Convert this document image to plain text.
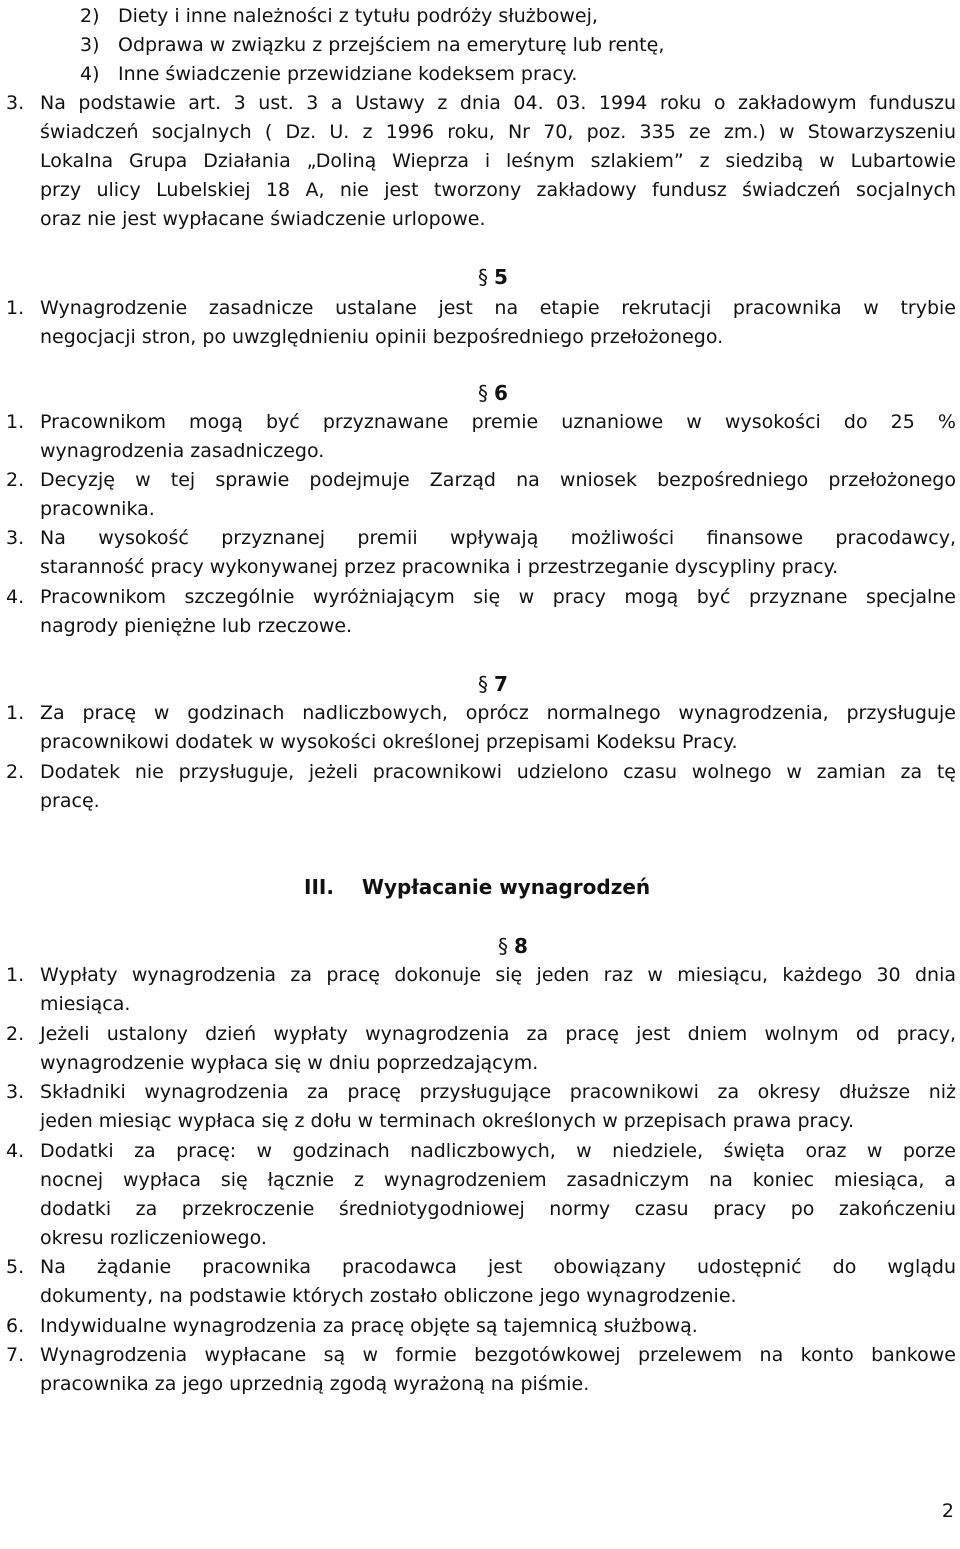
2) Diety i inne należności z tytułu podróży służbowej,
3) Odprawa w związku z przejściem na emeryturę lub rentę,
4) Inne świadczenie przewidziane kodeksem pracy.
3. Na podstawie art. 3 ust. 3 a Ustawy z dnia 04. 03. 1994 roku o zakładowym funduszu
świadczeń socjalnych ( Dz. U. z 1996 roku, Nr 70, poz. 335 ze zm.) w Stowarzyszeniu
Lokalna Grupa Działania „Doliną Wieprza i leśnym szlakiem” z siedzibą w Lubartowie
przy ulicy Lubelskiej 18 A, nie jest tworzony zakładowy fundusz świadczeń socjalnych
oraz nie jest wypłacane świadczenie urlopowe.
§ 5
1. Wynagrodzenie zasadnicze ustalane jest na etapie rekrutacji pracownika w trybie
negocjacji stron, po uwzględnieniu opinii bezpośredniego przełożonego.
§ 6
1. Pracownikom mogą być przyznawane premie uznaniowe w wysokości do 25 %
wynagrodzenia zasadniczego.
2. Decyzję w tej sprawie podejmuje Zarząd na wniosek bezpośredniego przełożonego
pracownika.
3. Na wysokość przyznanej premii wpływają możliwości finansowe pracodawcy,
staranność pracy wykonywanej przez pracownika i przestrzeganie dyscypliny pracy.
4. Pracownikom szczególnie wyróżniającym się w pracy mogą być przyznane specjalne
nagrody pieniężne lub rzeczowe.
§ 7
1. Za pracę w godzinach nadliczbowych, oprócz normalnego wynagrodzenia, przysługuje
pracownikowi dodatek w wysokości określonej przepisami Kodeksu Pracy.
2. Dodatek nie przysługuje, jeżeli pracownikowi udzielono czasu wolnego w zamian za tę
pracę.
III. Wypłacanie wynagrodzeń
§ 8
1. Wypłaty wynagrodzenia za pracę dokonuje się jeden raz w miesiącu, każdego 30 dnia
miesiąca.
2. Jeżeli ustalony dzień wypłaty wynagrodzenia za pracę jest dniem wolnym od pracy,
wynagrodzenie wypłaca się w dniu poprzedzającym.
3. Składniki wynagrodzenia za pracę przysługujące pracownikowi za okresy dłuższe niż
jeden miesiąc wypłaca się z dołu w terminach określonych w przepisach prawa pracy.
4. Dodatki za pracę: w godzinach nadliczbowych, w niedziele, święta oraz w porze
nocnej wypłaca się łącznie z wynagrodzeniem zasadniczym na koniec miesiąca, a
dodatki za przekroczenie średniotygodniowej normy czasu pracy po zakończeniu
okresu rozliczeniowego.
5. Na żądanie pracownika pracodawca jest obowiązany udostępnić do wglądu
dokumenty, na podstawie których zostało obliczone jego wynagrodzenie.
6. Indywidualne wynagrodzenia za pracę objęte są tajemnicą służbową.
7. Wynagrodzenia wypłacane są w formie bezgotówkowej przelewem na konto bankowe
pracownika za jego uprzednią zgodą wyrażoną na piśmie.
2
